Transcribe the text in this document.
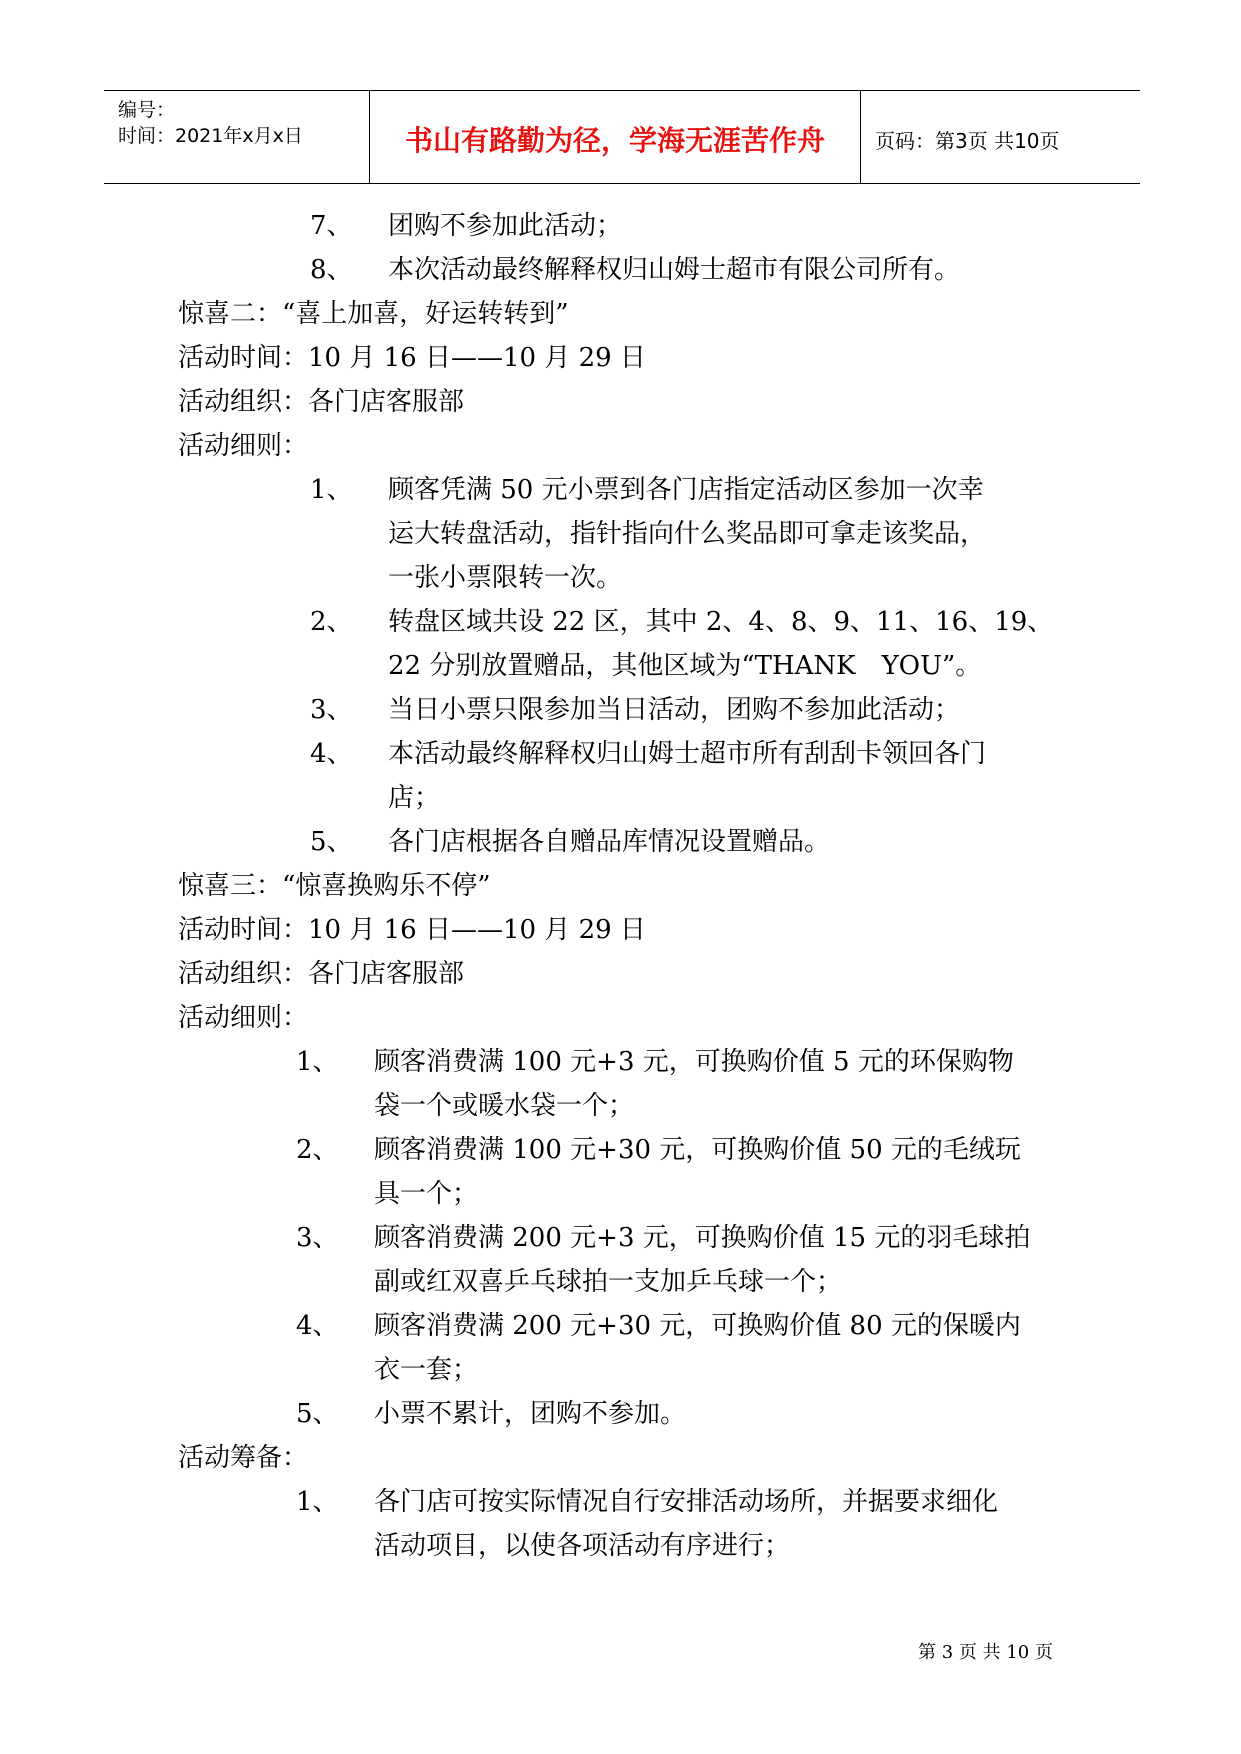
编号：
时间：2021年x月x日	书山有路勤为径，学海无涯苦作舟	页码：第3页 共10页
7、 团购不参加此活动；
8、 本次活动最终解释权归山姆士超市有限公司所有。
惊喜二：“喜上加喜，好运转转到”
活动时间：10 月 16 日——10 月 29 日
活动组织：各门店客服部
活动细则：
1、 顾客凭满 50 元小票到各门店指定活动区参加一次幸
运大转盘活动，指针指向什么奖品即可拿走该奖品，
一张小票限转一次。
2、 转盘区域共设 22 区，其中 2、4、8、9、11、16、19、
22 分别放置赠品，其他区域为“THANK　YOU”。
3、 当日小票只限参加当日活动，团购不参加此活动；
4、 本活动最终解释权归山姆士超市所有刮刮卡领回各门
店；
5、 各门店根据各自赠品库情况设置赠品。
惊喜三：“惊喜换购乐不停”
活动时间：10 月 16 日——10 月 29 日
活动组织：各门店客服部
活动细则：
1、 顾客消费满 100 元+3 元，可换购价值 5 元的环保购物
袋一个或暖水袋一个；
2、 顾客消费满 100 元+30 元，可换购价值 50 元的毛绒玩
具一个；
3、 顾客消费满 200 元+3 元，可换购价值 15 元的羽毛球拍
副或红双喜乒乓球拍一支加乒乓球一个；
4、 顾客消费满 200 元+30 元，可换购价值 80 元的保暖内
衣一套；
5、 小票不累计，团购不参加。
活动筹备：
1、 各门店可按实际情况自行安排活动场所，并据要求细化
活动项目，以使各项活动有序进行；
第 3 页 共 10 页
